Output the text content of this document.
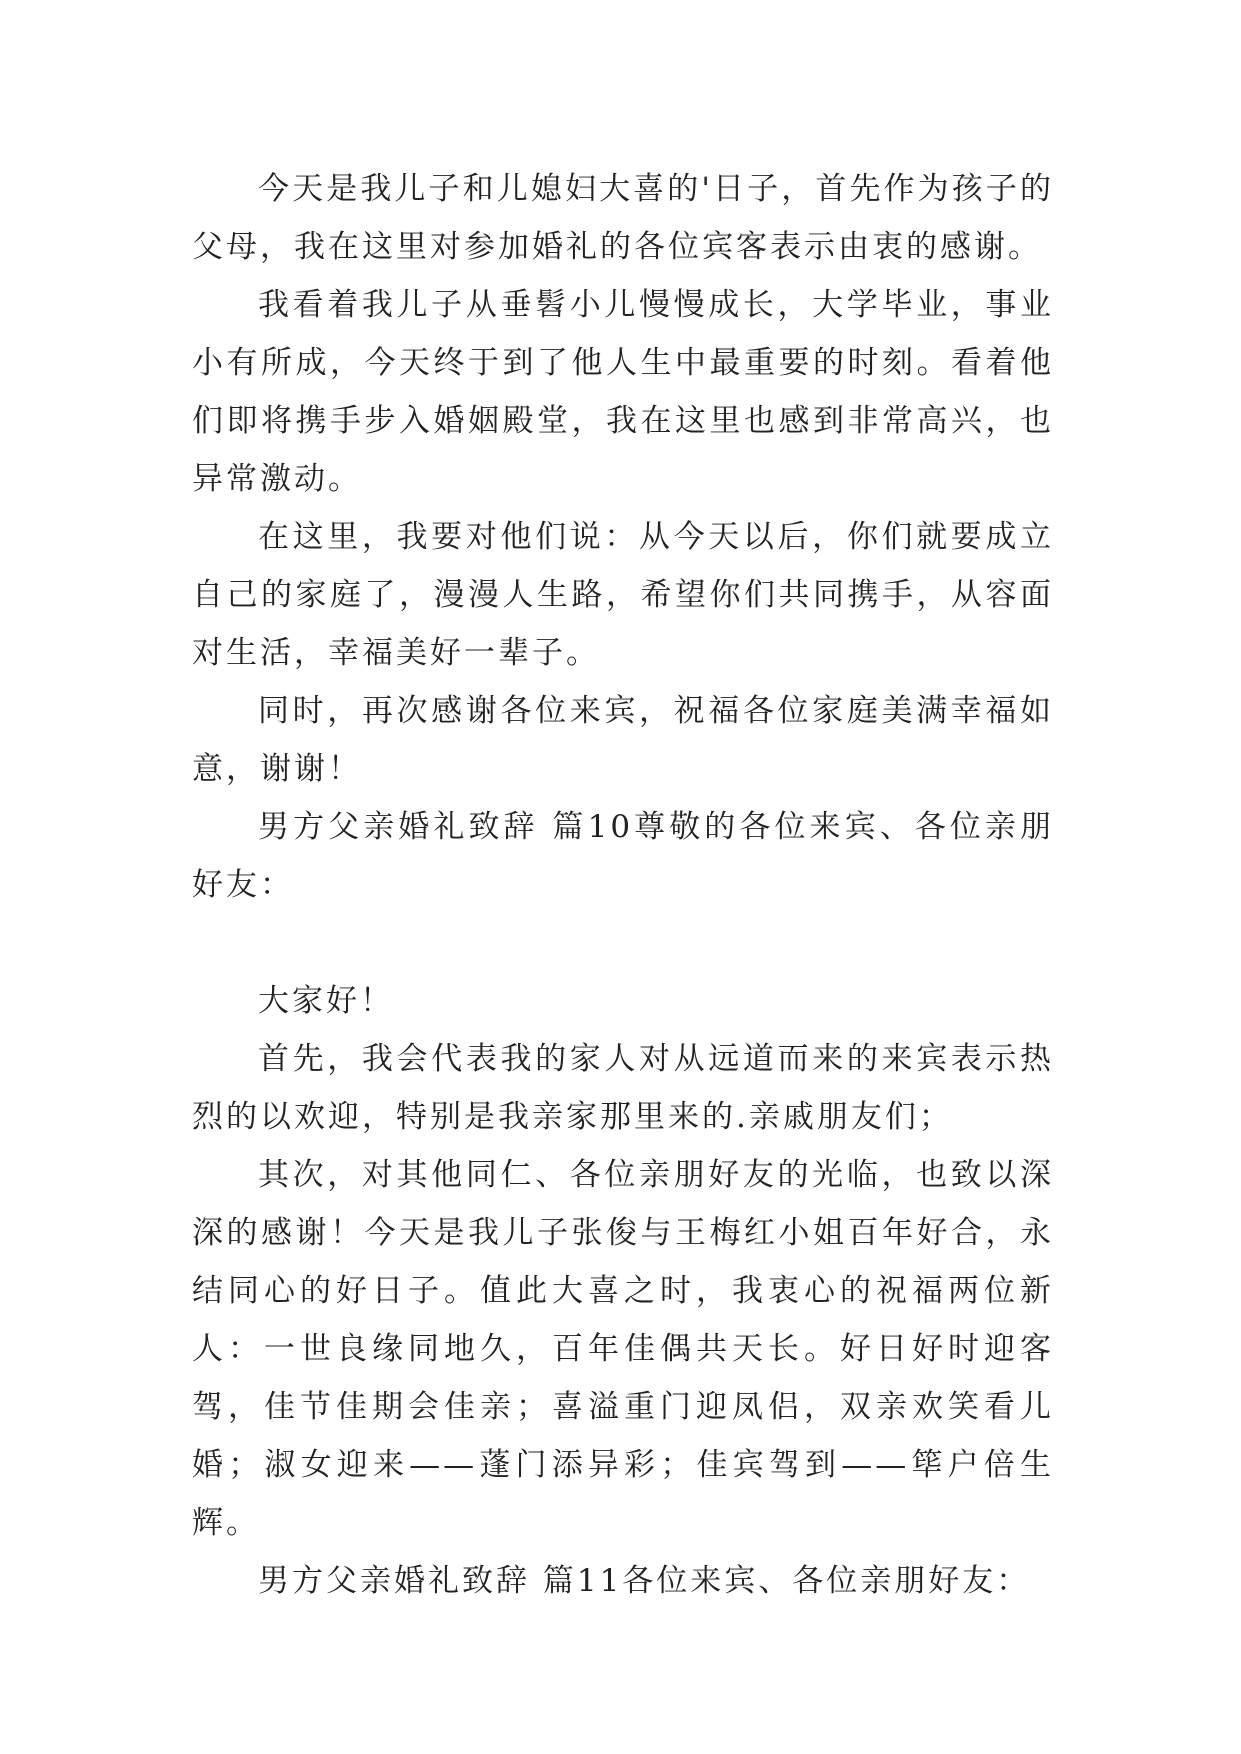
今天是我儿子和儿媳妇大喜的'日子，首先作为孩子的父母，我在这里对参加婚礼的各位宾客表示由衷的感谢。

我看着我儿子从垂髫小儿慢慢成长，大学毕业，事业小有所成，今天终于到了他人生中最重要的时刻。看着他们即将携手步入婚姻殿堂，我在这里也感到非常高兴，也异常激动。

在这里，我要对他们说：从今天以后，你们就要成立自己的家庭了，漫漫人生路，希望你们共同携手，从容面对生活，幸福美好一辈子。

同时，再次感谢各位来宾，祝福各位家庭美满幸福如意，谢谢！

男方父亲婚礼致辞 篇10尊敬的各位来宾、各位亲朋好友：

大家好！

首先，我会代表我的家人对从远道而来的来宾表示热烈的以欢迎，特别是我亲家那里来的.亲戚朋友们；

其次，对其他同仁、各位亲朋好友的光临，也致以深深的感谢！今天是我儿子张俊与王梅红小姐百年好合，永结同心的好日子。值此大喜之时，我衷心的祝福两位新人：一世良缘同地久，百年佳偶共天长。好日好时迎客驾，佳节佳期会佳亲；喜溢重门迎凤侣，双亲欢笑看儿婚；淑女迎来——蓬门添异彩；佳宾驾到——筚户倍生辉。

男方父亲婚礼致辞 篇11各位来宾、各位亲朋好友：
